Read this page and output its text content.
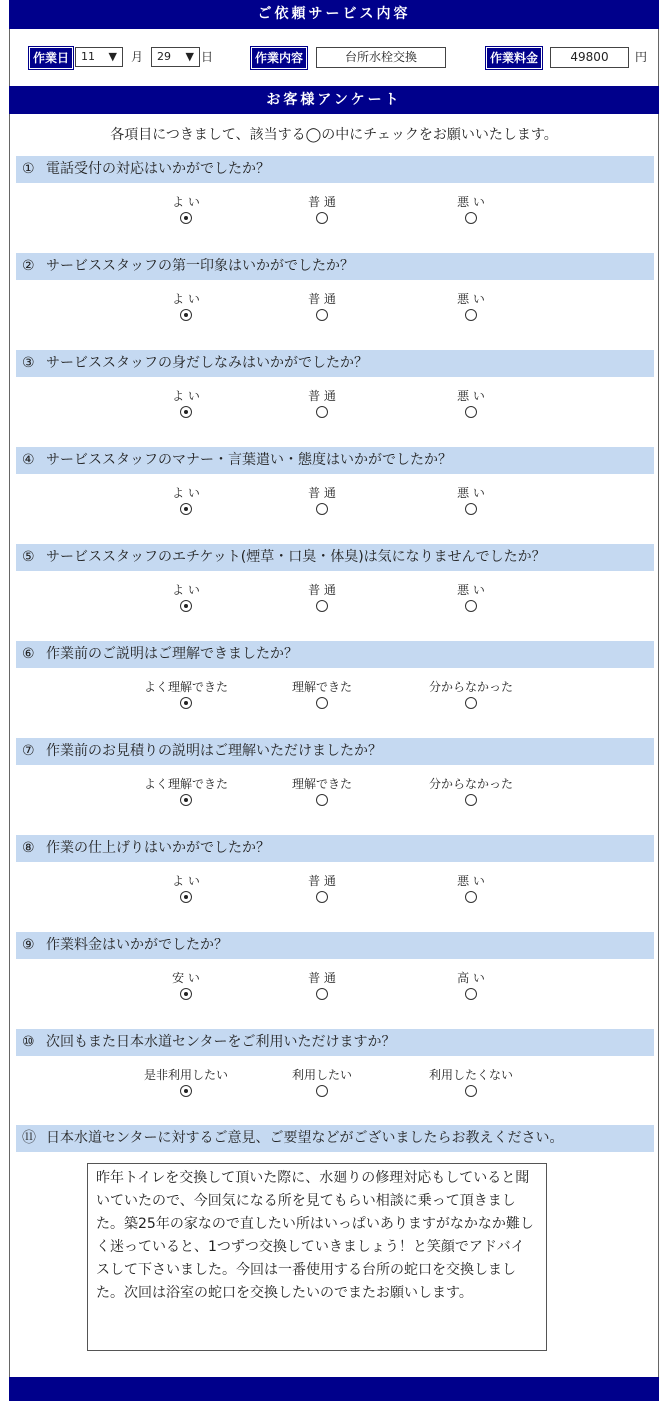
ご依頼サービス内容
作業日	11 ▼ 月	29 ▼ 日	作業内容	台所水栓交換	作業料金	49800	円
お客様アンケート
各項目につきまして、該当する◯の中にチェックをお願いいたします。
① 電話受付の対応はいかがでしたか？
よ い	普 通	悪 い
② サービススタッフの第一印象はいかがでしたか？
よ い	普 通	悪 い
③ サービススタッフの身だしなみはいかがでしたか？
よ い	普 通	悪 い
④ サービススタッフのマナー・言葉遣い・態度はいかがでしたか？
よ い	普 通	悪 い
⑤ サービススタッフのエチケット(煙草・口臭・体臭)は気になりませんでしたか？
よ い	普 通	悪 い
⑥ 作業前のご説明はご理解できましたか？
よく理解できた	理解できた	分からなかった
⑦ 作業前のお見積りの説明はご理解いただけましたか？
よく理解できた	理解できた	分からなかった
⑧ 作業の仕上げりはいかがでしたか？
よ い	普 通	悪 い
⑨ 作業料金はいかがでしたか？
安 い	普 通	高 い
⑩ 次回もまた日本水道センターをご利用いただけますか？
是非利用したい	利用したい	利用したくない
⑪ 日本水道センターに対するご意見、ご要望などがございましたらお教えください。
昨年トイレを交換して頂いた際に、水廻りの修理対応もしていると聞いていたので、今回気になる所を見てもらい相談に乗って頂きました。築25年の家なので直したい所はいっぱいありますがなかなか難しく迷っていると、1つずつ交換していきましょう！と笑顔でアドバイスして下さいました。今回は一番使用する台所の蛇口を交換しました。次回は浴室の蛇口を交換したいのでまたお願いします。
